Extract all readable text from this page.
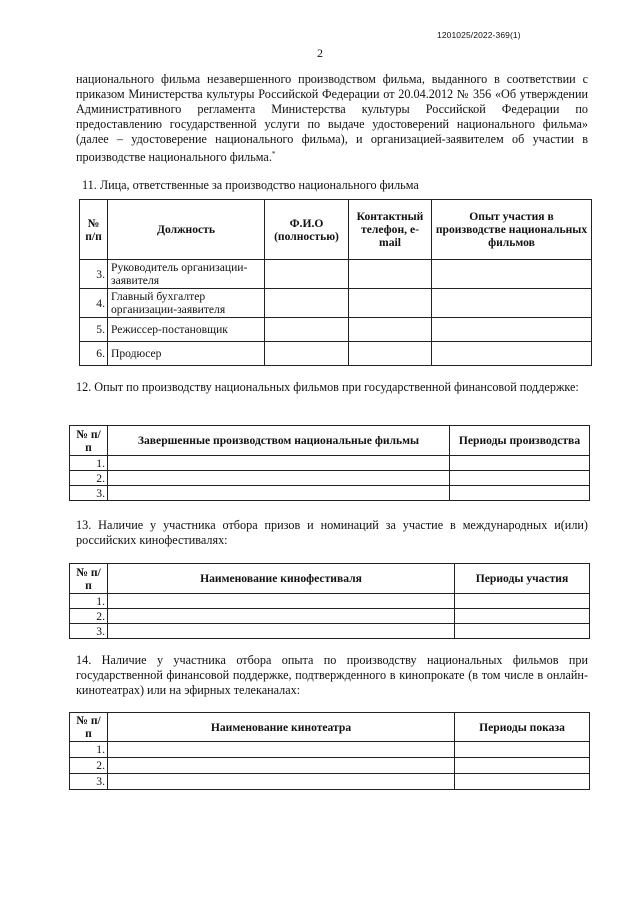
1201025/2022-369(1)
2
национального фильма незавершенного производством фильма, выданного в соответствии с приказом Министерства культуры Российской Федерации от 20.04.2012 № 356 «Об утверждении Административного регламента Министерства культуры Российской Федерации по предоставлению государственной услуги по выдаче удостоверений национального фильма» (далее – удостоверение национального фильма), и организацией-заявителем об участии в производстве национального фильма.*
11. Лица, ответственные за производство национального фильма
№ п/п	Должность	Ф.И.О (полностью)	Контактный телефон, e-mail	Опыт участия в производстве национальных фильмов
3.	Руководитель организации-заявителя			
4.	Главный бухгалтер организации-заявителя			
5.	Режиссер-постановщик			
6.	Продюсер			
12. Опыт по производству национальных фильмов при государственной финансовой поддержке:
№ п/п	Завершенные производством национальные фильмы	Периоды производства
1.		
2.		
3.		
13. Наличие у участника отбора призов и номинаций за участие в международных и(или) российских кинофестивалях:
№ п/п	Наименование кинофестиваля	Периоды участия
1.		
2.		
3.		
14. Наличие у участника отбора опыта по производству национальных фильмов при государственной финансовой поддержке, подтвержденного в кинопрокате (в том числе в онлайн-кинотеатрах) или на эфирных телеканалах:
№ п/п	Наименование кинотеатра	Периоды показа
1.		
2.		
3.		
